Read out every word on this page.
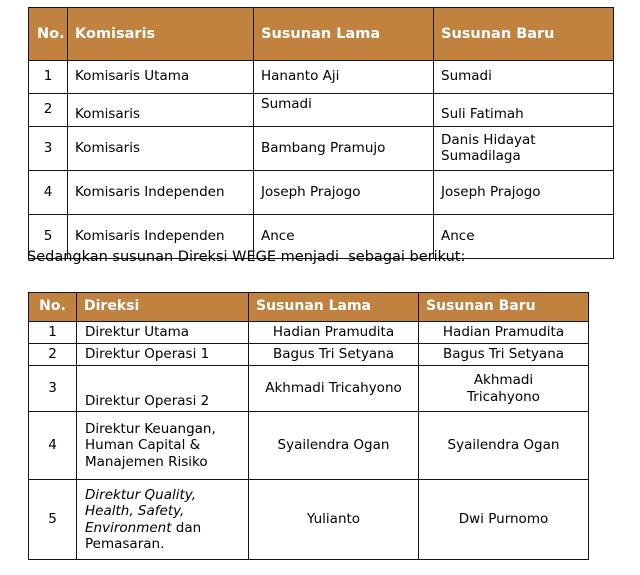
No.	Komisaris	Susunan Lama	Susunan Baru
1	Komisaris Utama	Hananto Aji	Sumadi
2	Komisaris	Sumadi	Suli Fatimah
3	Komisaris	Bambang Pramujo	Danis Hidayat Sumadilaga
4	Komisaris Independen	Joseph Prajogo	Joseph Prajogo
5	Komisaris Independen	Ance	Ance
Sedangkan susunan Direksi WEGE menjadi  sebagai berikut:
No.	Direksi	Susunan Lama	Susunan Baru
1	Direktur Utama	Hadian Pramudita	Hadian Pramudita
2	Direktur Operasi 1	Bagus Tri Setyana	Bagus Tri Setyana
3	Direktur Operasi 2	Akhmadi Tricahyono	Akhmadi Tricahyono
4	Direktur Keuangan, Human Capital & Manajemen Risiko	Syailendra Ogan	Syailendra Ogan
5	Direktur Quality, Health, Safety, Environment dan Pemasaran.	Yulianto	Dwi Purnomo
